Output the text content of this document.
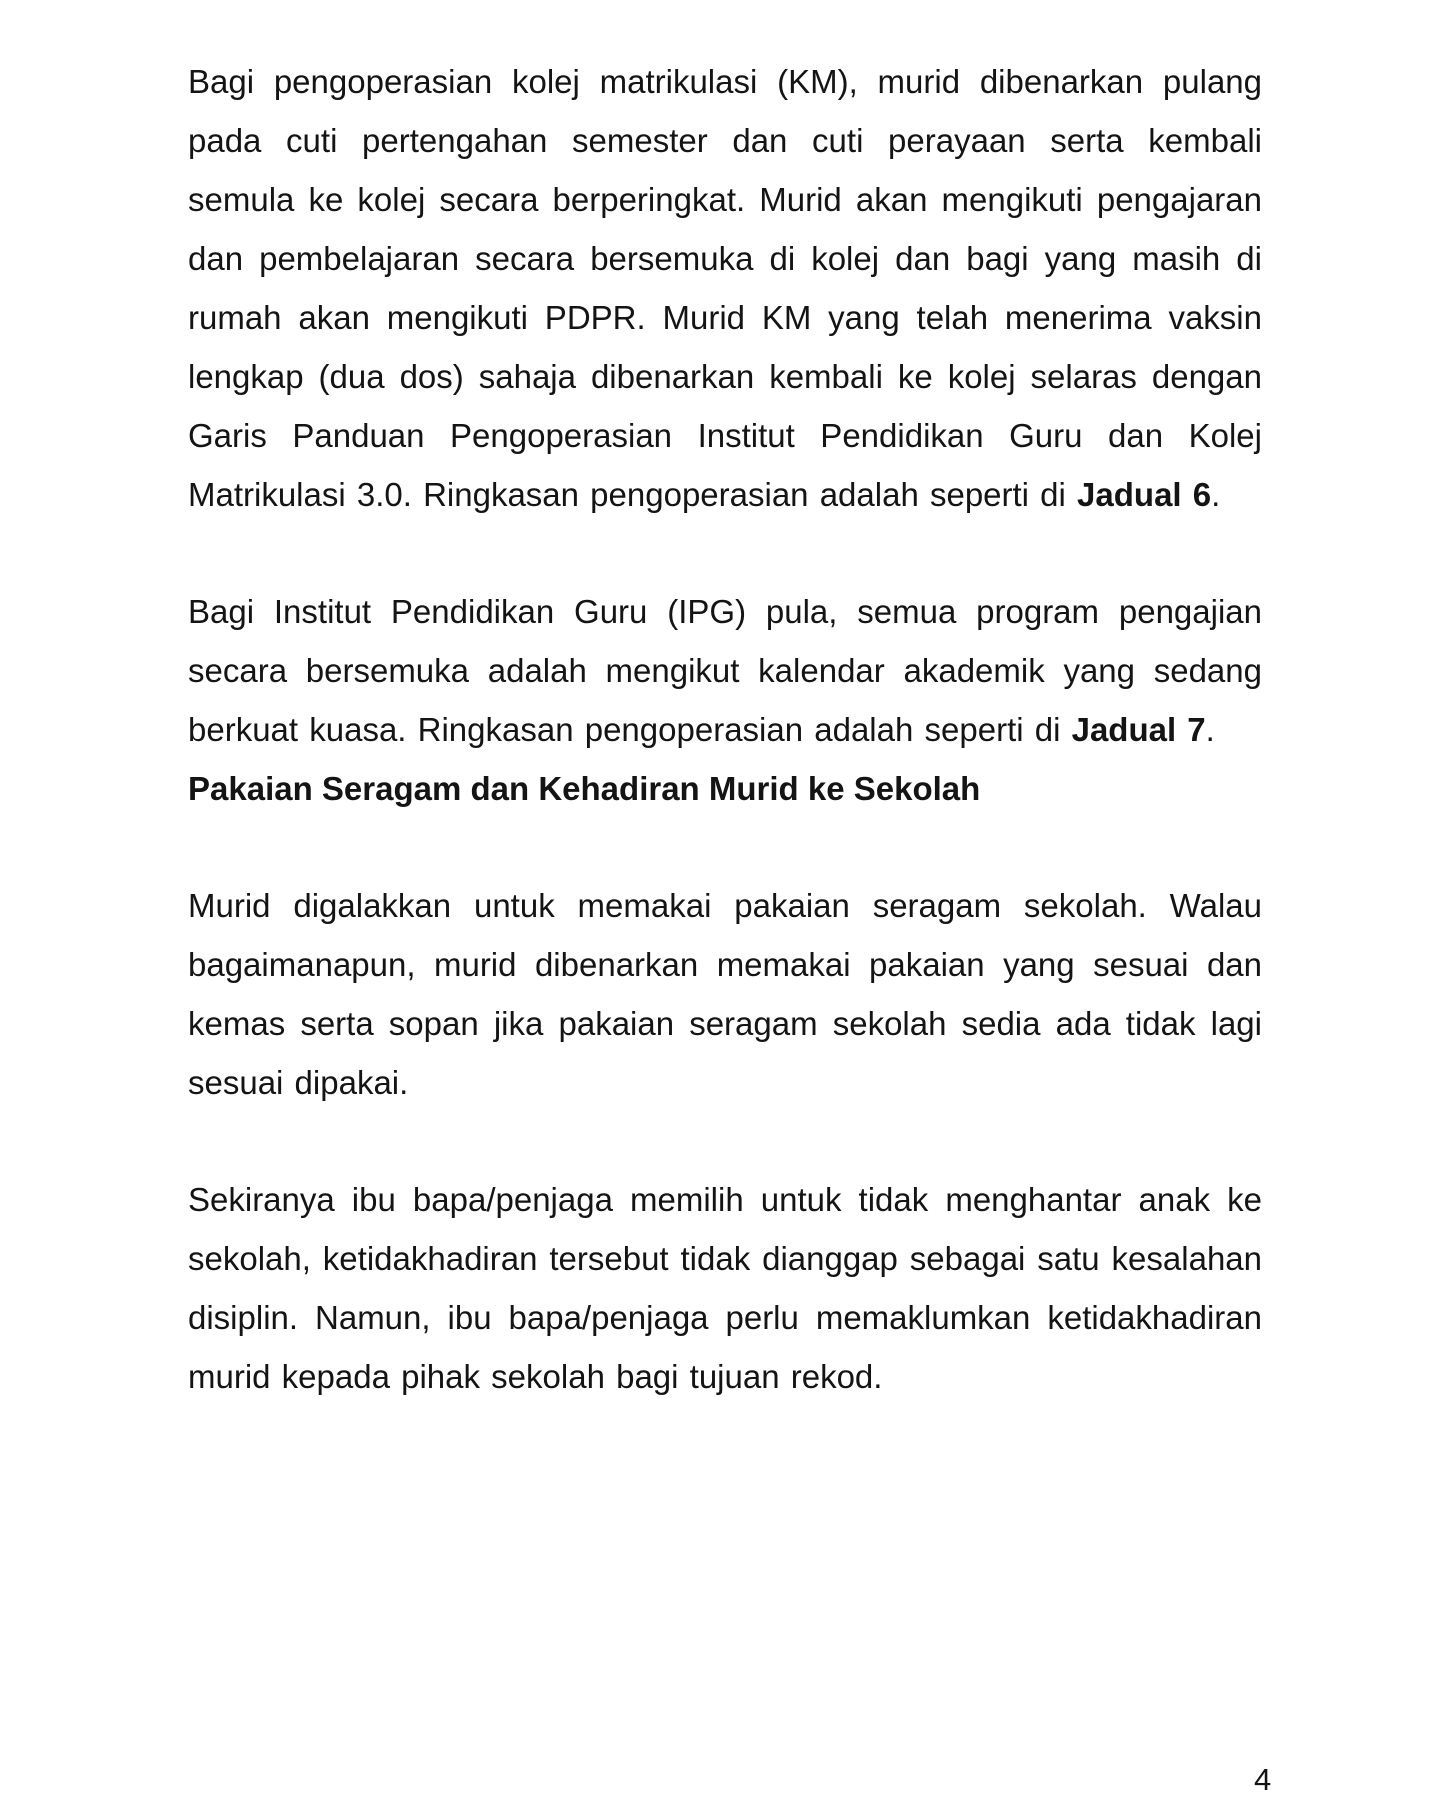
Bagi pengoperasian kolej matrikulasi (KM), murid dibenarkan pulang pada cuti pertengahan semester dan cuti perayaan serta kembali semula ke kolej secara berperingkat. Murid akan mengikuti pengajaran dan pembelajaran secara bersemuka di kolej dan bagi yang masih di rumah akan mengikuti PDPR. Murid KM yang telah menerima vaksin lengkap (dua dos) sahaja dibenarkan kembali ke kolej selaras dengan Garis Panduan Pengoperasian Institut Pendidikan Guru dan Kolej Matrikulasi 3.0. Ringkasan pengoperasian adalah seperti di Jadual 6.

Bagi Institut Pendidikan Guru (IPG) pula, semua program pengajian secara bersemuka adalah mengikut kalendar akademik yang sedang berkuat kuasa. Ringkasan pengoperasian adalah seperti di Jadual 7.

Pakaian Seragam dan Kehadiran Murid ke Sekolah

Murid digalakkan untuk memakai pakaian seragam sekolah. Walau bagaimanapun, murid dibenarkan memakai pakaian yang sesuai dan kemas serta sopan jika pakaian seragam sekolah sedia ada tidak lagi sesuai dipakai.

Sekiranya ibu bapa/penjaga memilih untuk tidak menghantar anak ke sekolah, ketidakhadiran tersebut tidak dianggap sebagai satu kesalahan disiplin. Namun, ibu bapa/penjaga perlu memaklumkan ketidakhadiran murid kepada pihak sekolah bagi tujuan rekod.

4
